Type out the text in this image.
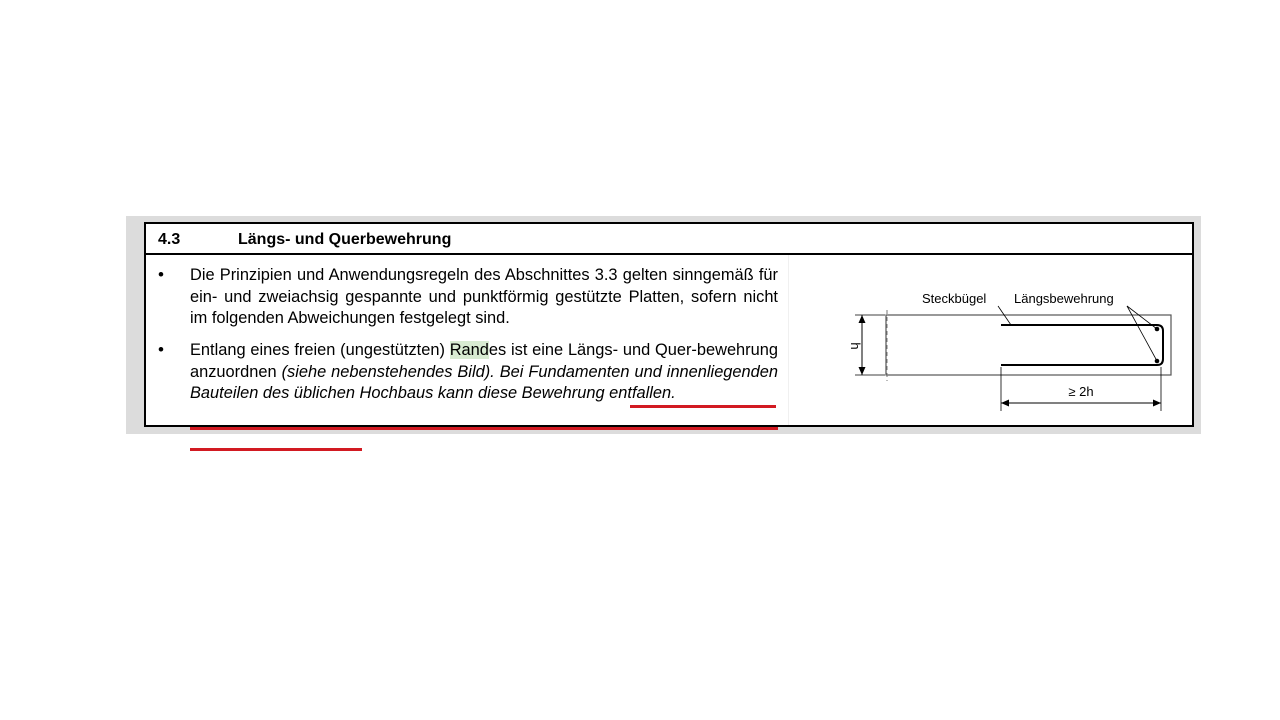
4.3	Längs- und Querbewehrung
• Die Prinzipien und Anwendungsregeln des Abschnittes 3.3 gelten sinngemäß für ein- und zweiachsig gespannte und punktförmig gestützte Platten, sofern nicht im folgenden Abweichungen festgelegt sind.
• Entlang eines freien (ungestützten) Randes ist eine Längs- und Quer-bewehrung anzuordnen (siehe nebenstehendes Bild). Bei Fundamenten und innenliegenden Bauteilen des üblichen Hochbaus kann diese Bewehrung entfallen.
h
≥ 2h
Steckbügel Längsbewehrung
